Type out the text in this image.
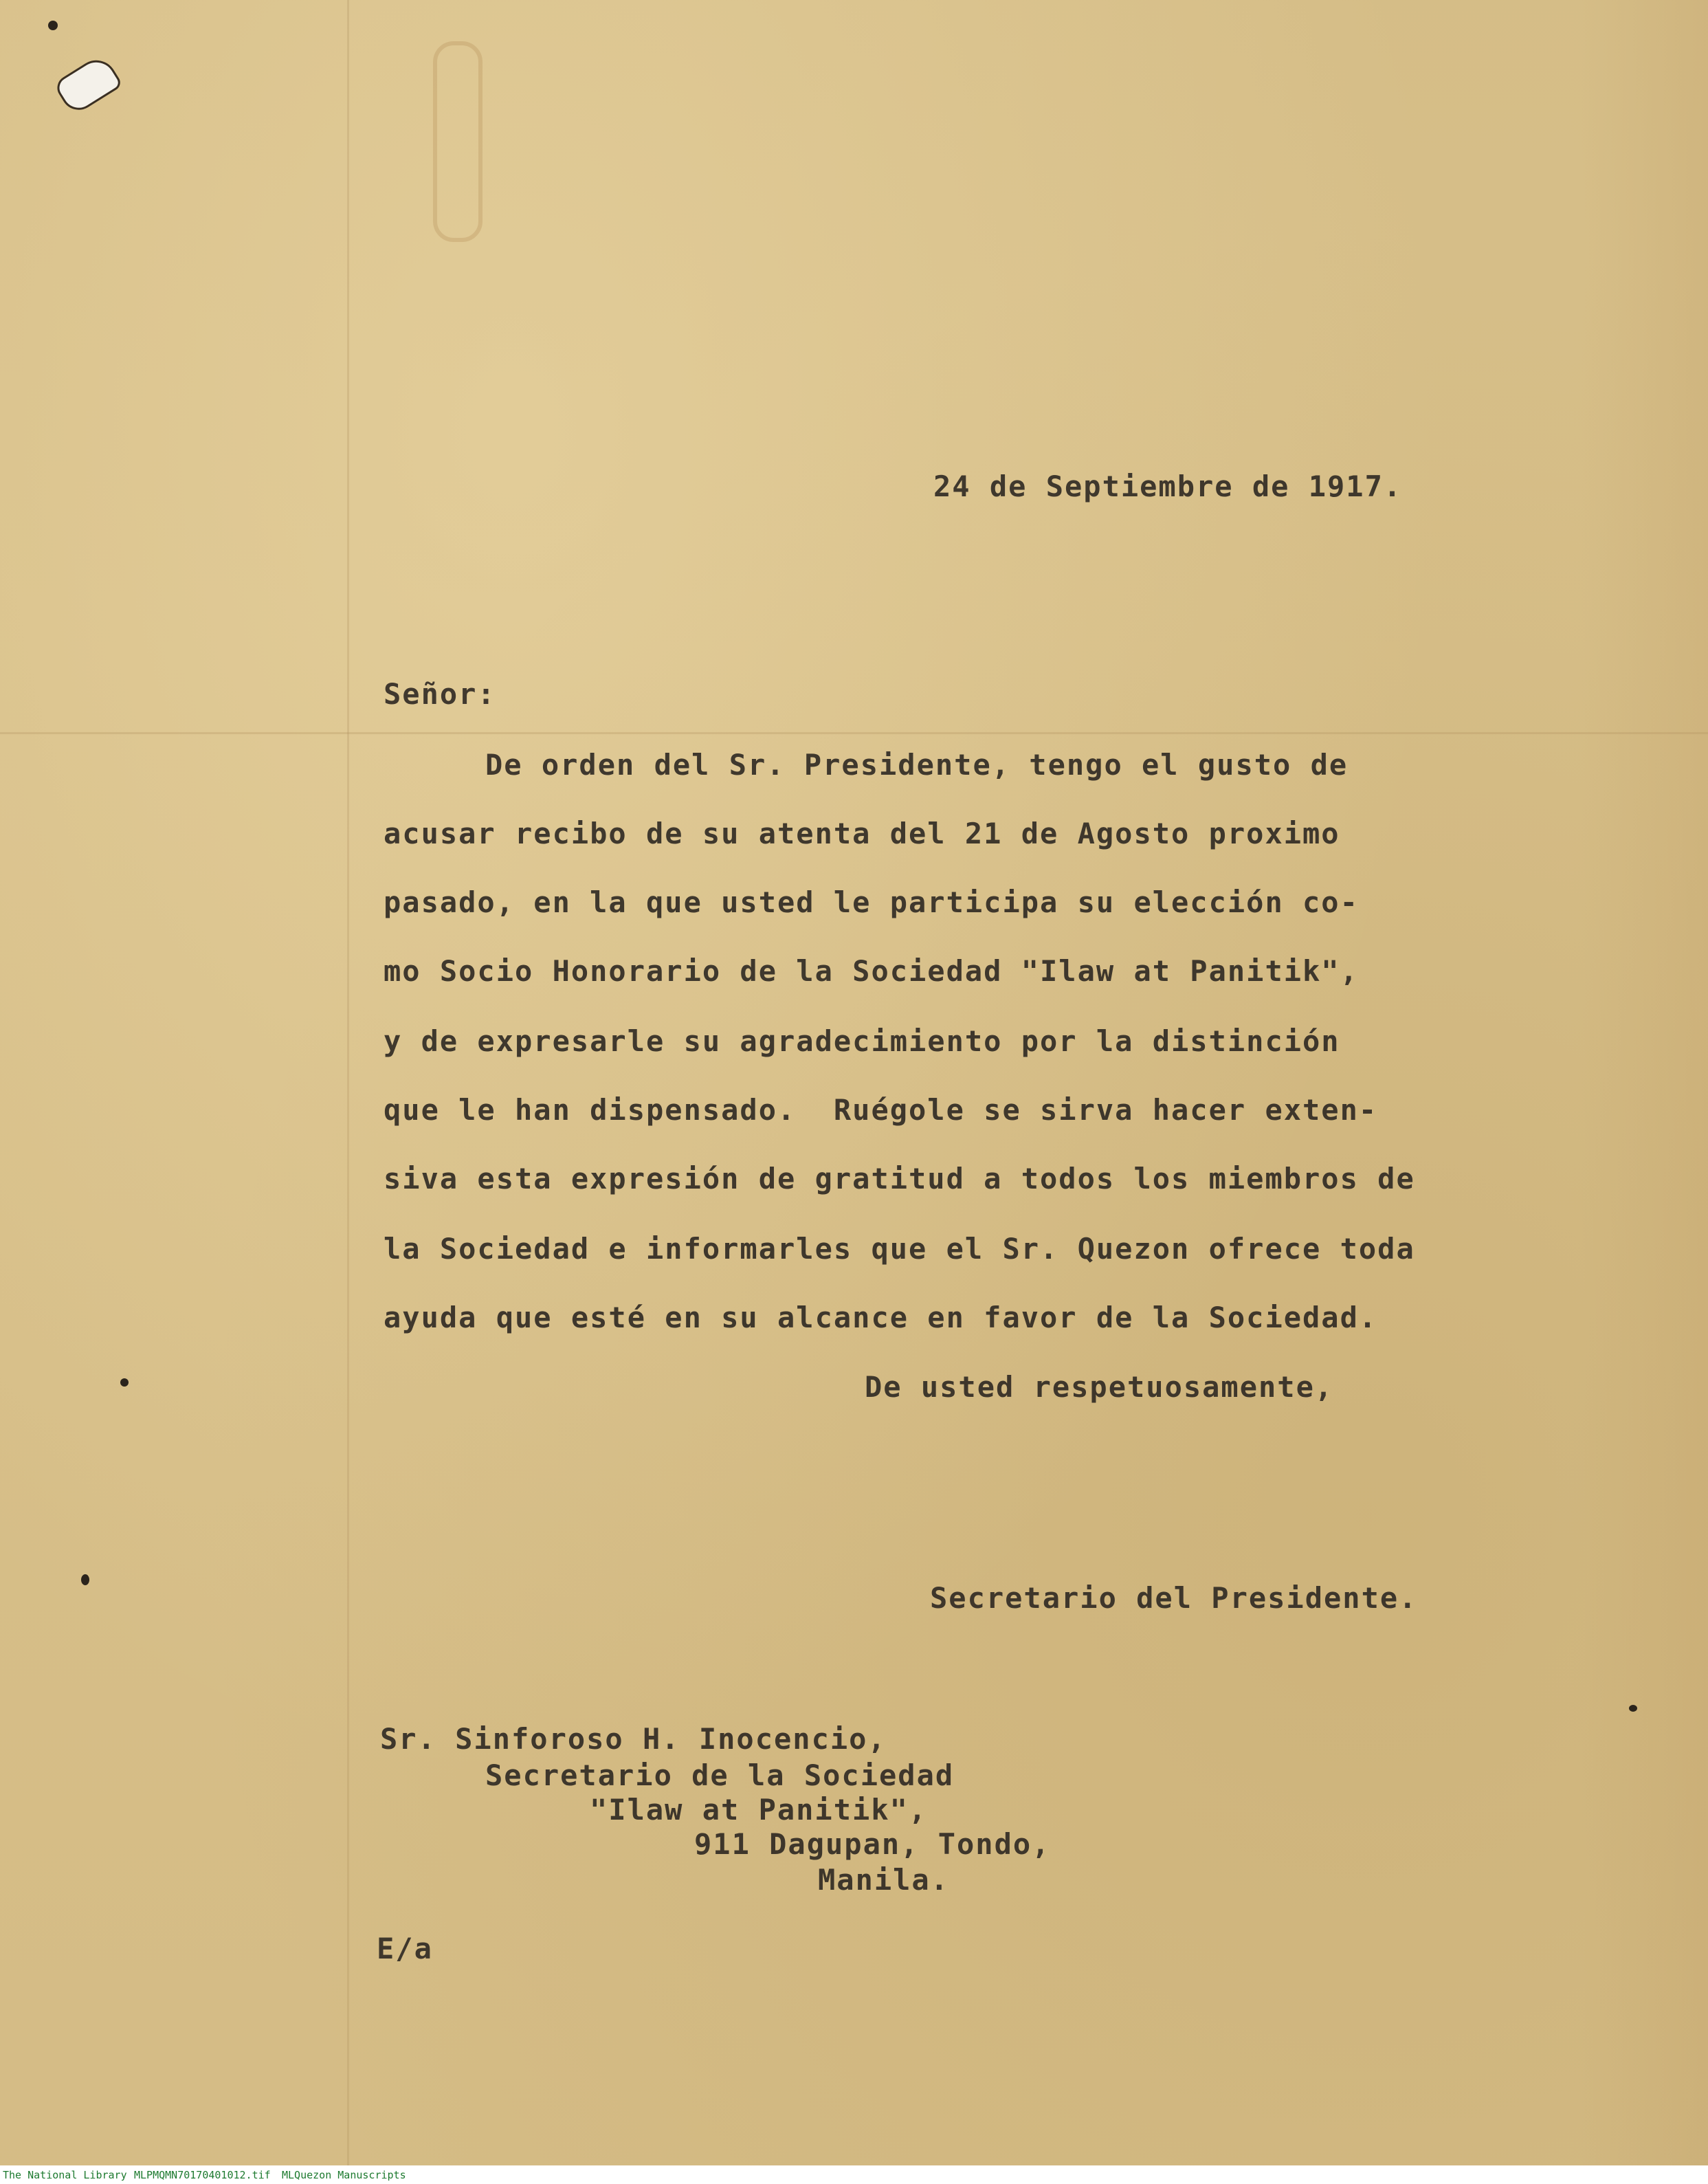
24 de Septiembre de 1917.
Señor:
De orden del Sr. Presidente, tengo el gusto de
acusar recibo de su atenta del 21 de Agosto proximo
pasado, en la que usted le participa su elección co-
mo Socio Honorario de la Sociedad "Ilaw at Panitik",
y de expresarle su agradecimiento por la distinción
que le han dispensado.  Ruégole se sirva hacer exten-
siva esta expresión de gratitud a todos los miembros de
la Sociedad e informarles que el Sr. Quezon ofrece toda
ayuda que esté en su alcance en favor de la Sociedad.
De usted respetuosamente,
Secretario del Presidente.
Sr. Sinforoso H. Inocencio,
Secretario de la Sociedad
"Ilaw at Panitik",
911 Dagupan, Tondo,
Manila.
E/a
The National Library MLPMQMN70170401012.tif MLQuezon Manuscripts
